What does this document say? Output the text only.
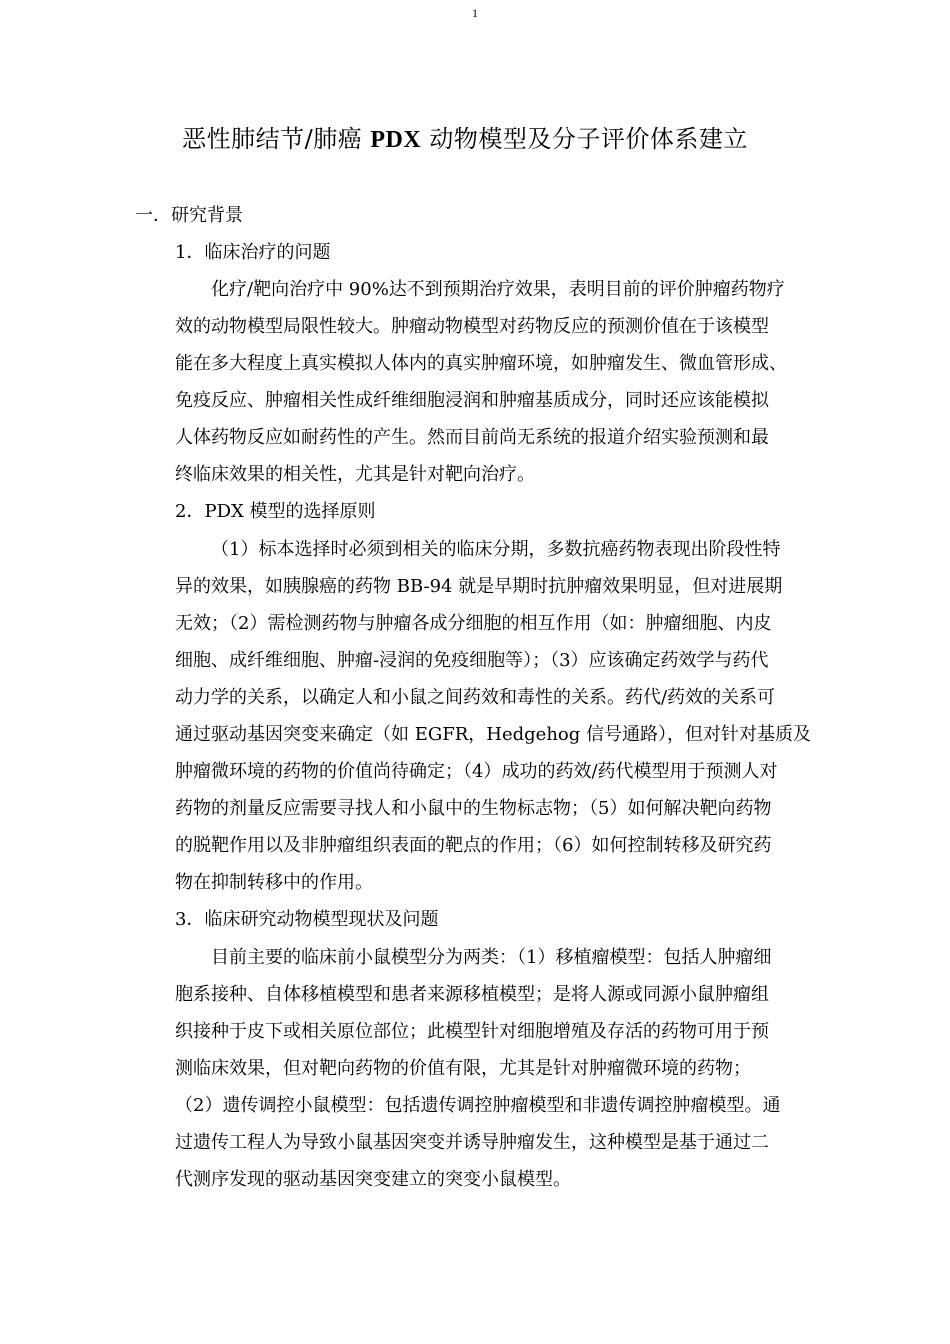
1
恶性肺结节/肺癌 PDX 动物模型及分子评价体系建立
一．研究背景
1．临床治疗的问题
化疗/靶向治疗中 90%达不到预期治疗效果，表明目前的评价肿瘤药物疗
效的动物模型局限性较大。肿瘤动物模型对药物反应的预测价值在于该模型
能在多大程度上真实模拟人体内的真实肿瘤环境，如肿瘤发生、微血管形成、
免疫反应、肿瘤相关性成纤维细胞浸润和肿瘤基质成分，同时还应该能模拟
人体药物反应如耐药性的产生。然而目前尚无系统的报道介绍实验预测和最
终临床效果的相关性，尤其是针对靶向治疗。
2．PDX 模型的选择原则
（1）标本选择时必须到相关的临床分期，多数抗癌药物表现出阶段性特
异的效果，如胰腺癌的药物 BB-94 就是早期时抗肿瘤效果明显，但对进展期
无效；（2）需检测药物与肿瘤各成分细胞的相互作用（如：肿瘤细胞、内皮
细胞、成纤维细胞、肿瘤-浸润的免疫细胞等）；（3）应该确定药效学与药代
动力学的关系，以确定人和小鼠之间药效和毒性的关系。药代/药效的关系可
通过驱动基因突变来确定（如 EGFR，Hedgehog 信号通路），但对针对基质及
肿瘤微环境的药物的价值尚待确定；（4）成功的药效/药代模型用于预测人对
药物的剂量反应需要寻找人和小鼠中的生物标志物；（5）如何解决靶向药物
的脱靶作用以及非肿瘤组织表面的靶点的作用；（6）如何控制转移及研究药
物在抑制转移中的作用。
3．临床研究动物模型现状及问题
目前主要的临床前小鼠模型分为两类：（1）移植瘤模型：包括人肿瘤细
胞系接种、自体移植模型和患者来源移植模型；是将人源或同源小鼠肿瘤组
织接种于皮下或相关原位部位；此模型针对细胞增殖及存活的药物可用于预
测临床效果，但对靶向药物的价值有限，尤其是针对肿瘤微环境的药物；
（2）遗传调控小鼠模型：包括遗传调控肿瘤模型和非遗传调控肿瘤模型。通
过遗传工程人为导致小鼠基因突变并诱导肿瘤发生，这种模型是基于通过二
代测序发现的驱动基因突变建立的突变小鼠模型。
